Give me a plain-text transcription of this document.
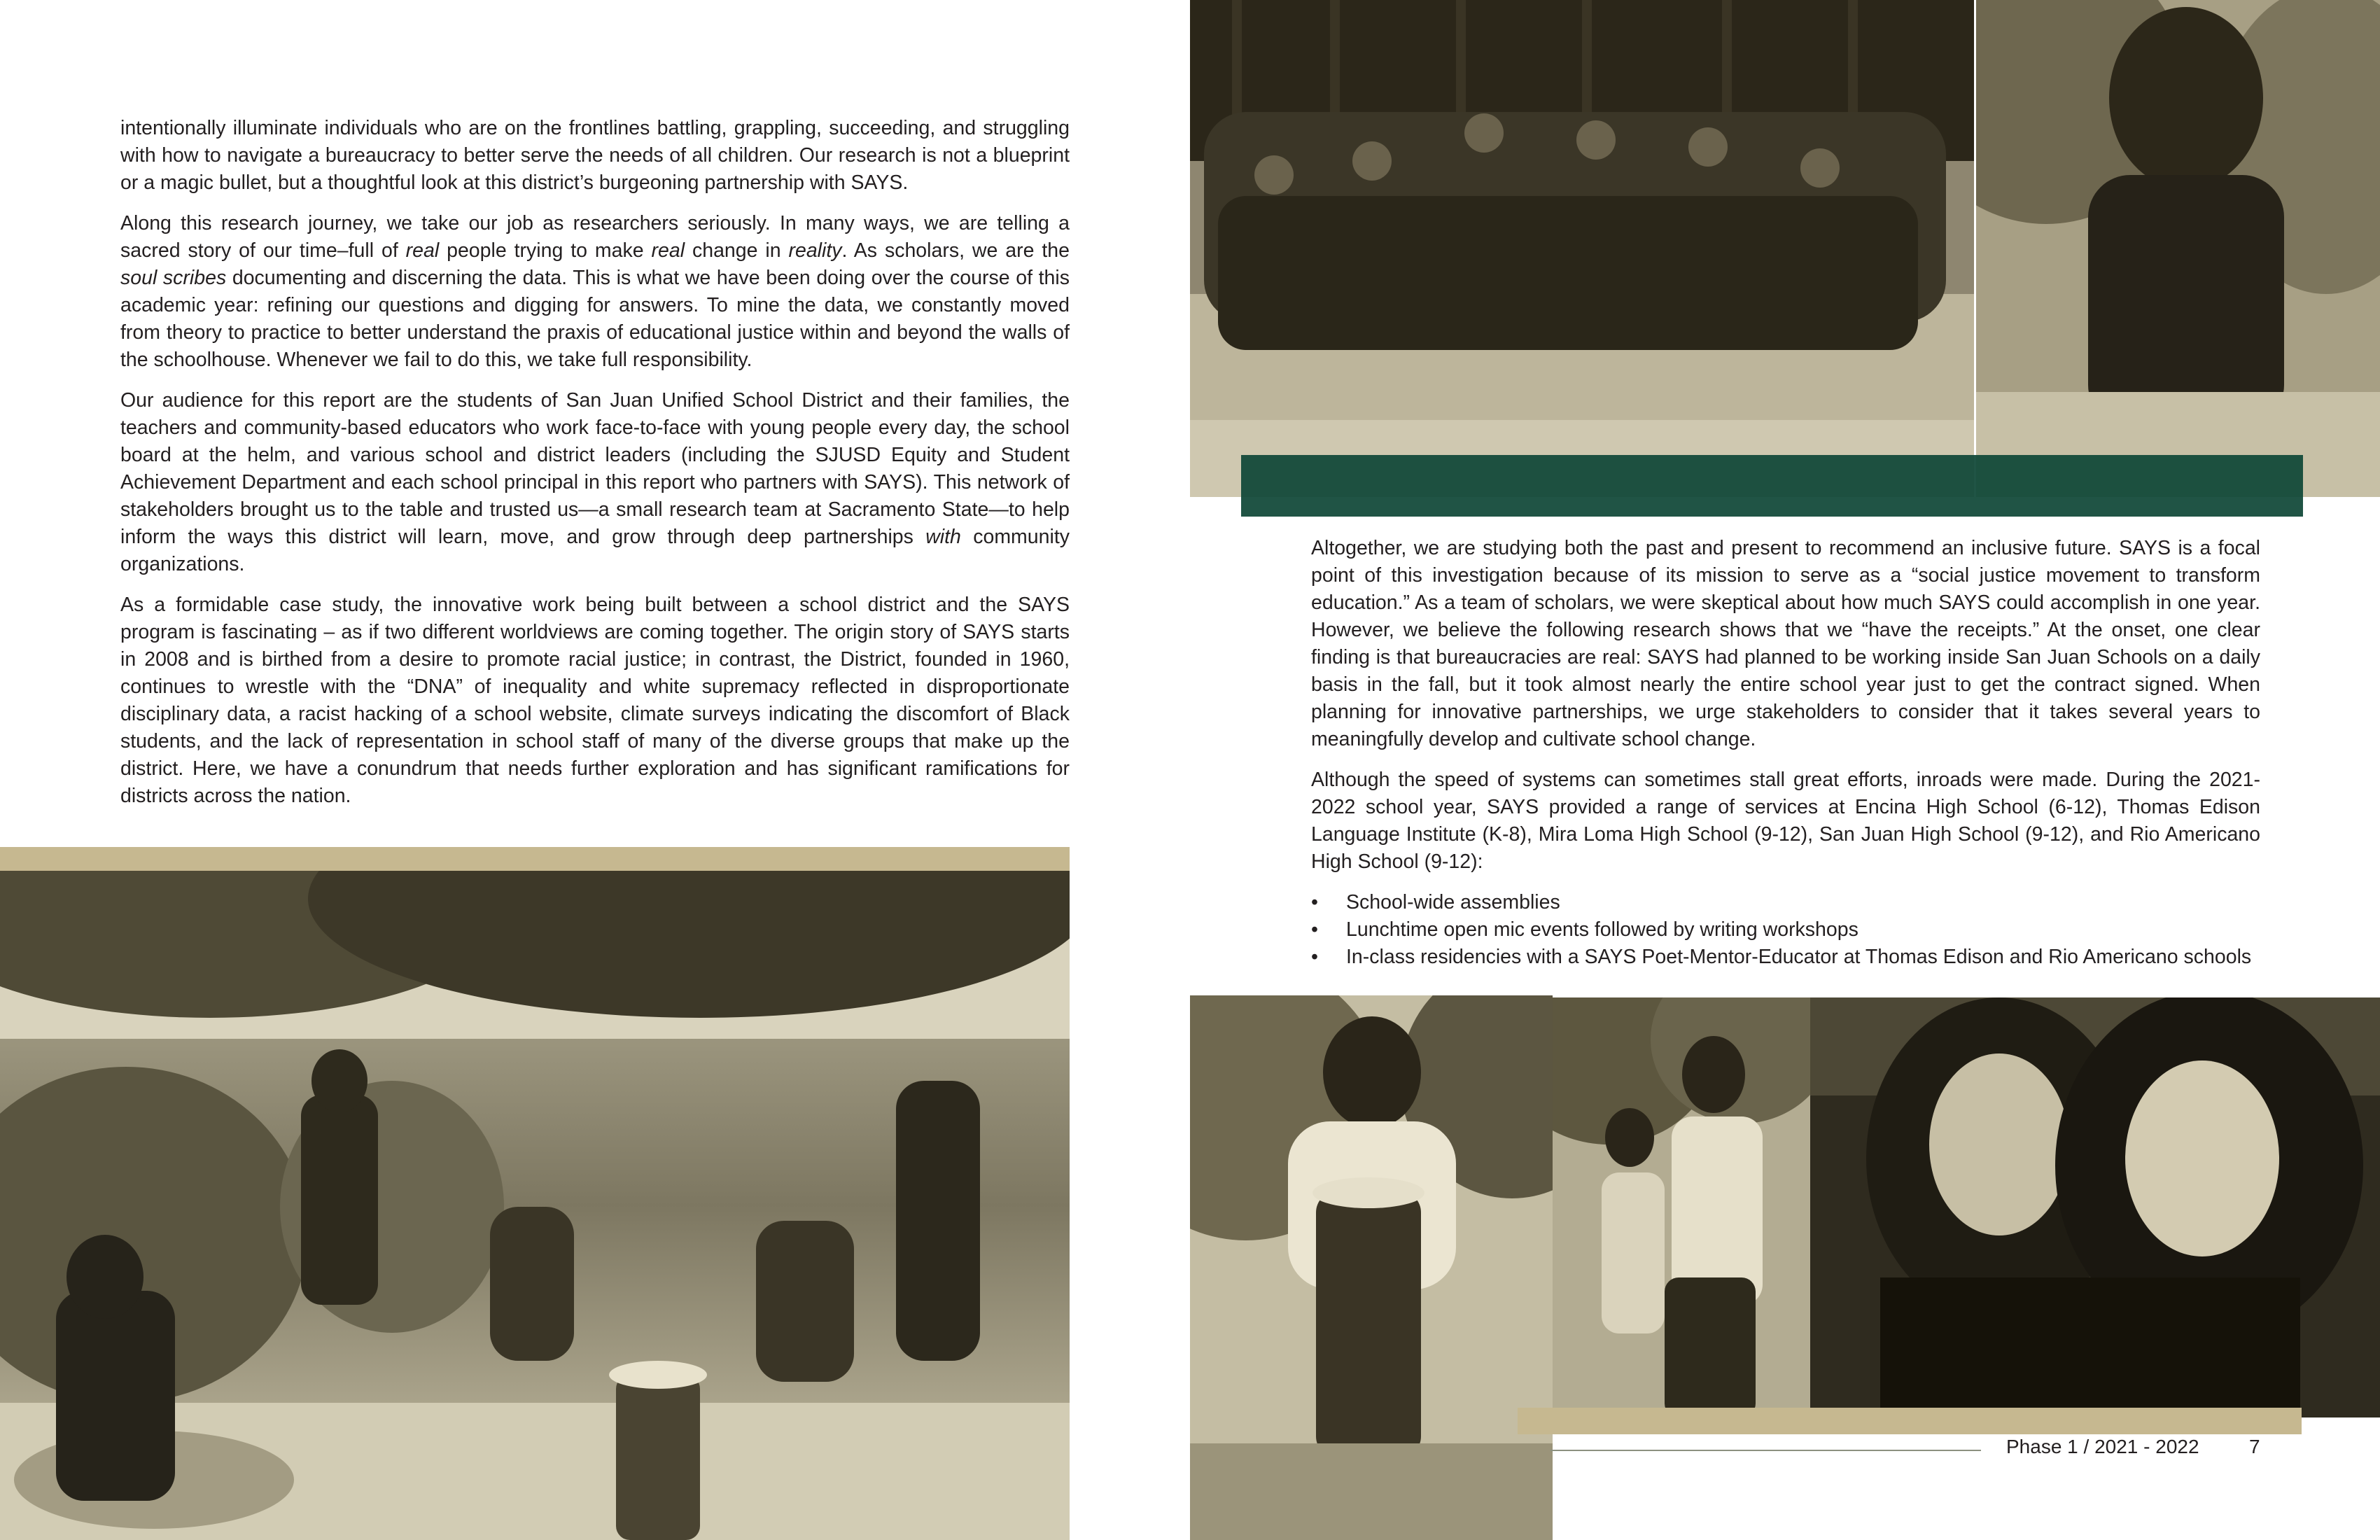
intentionally illuminate individuals who are on the frontlines battling, grappling, succeeding, and struggling with how to navigate a bureaucracy to better serve the needs of all children. Our research is not a blueprint or a magic bullet, but a thoughtful look at this district’s burgeoning partnership with SAYS.

Along this research journey, we take our job as researchers seriously. In many ways, we are telling a sacred story of our time–full of real people trying to make real change in reality. As scholars, we are the soul scribes documenting and discerning the data. This is what we have been doing over the course of this academic year: refining our questions and digging for answers. To mine the data, we constantly moved from theory to practice to better understand the praxis of educational justice within and beyond the walls of the schoolhouse. Whenever we fail to do this, we take full responsibility.

Our audience for this report are the students of San Juan Unified School District and their families, the teachers and community-based educators who work face-to-face with young people every day, the school board at the helm, and various school and district leaders (including the SJUSD Equity and Student Achievement Department and each school principal in this report who partners with SAYS). This network of stakeholders brought us to the table and trusted us—a small research team at Sacramento State—to help inform the ways this district will learn, move, and grow through deep partnerships with community organizations.

As a formidable case study, the innovative work being built between a school district and the SAYS program is fascinating – as if two different worldviews are coming together. The origin story of SAYS starts in 2008 and is birthed from a desire to promote racial justice; in contrast, the District, founded in 1960, continues to wrestle with the “DNA” of inequality and white supremacy reflected in disproportionate disciplinary data, a racist hacking of a school website, climate surveys indicating the discomfort of Black students, and the lack of representation in school staff of many of the diverse groups that make up the district. Here, we have a conundrum that needs further exploration and has significant ramifications for districts across the nation.

Altogether, we are studying both the past and present to recommend an inclusive future. SAYS is a focal point of this investigation because of its mission to serve as a “social justice movement to transform education.” As a team of scholars, we were skeptical about how much SAYS could accomplish in one year. However, we believe the following research shows that we “have the receipts.” At the onset, one clear finding is that bureaucracies are real: SAYS had planned to be working inside San Juan Schools on a daily basis in the fall, but it took almost nearly the entire school year just to get the contract signed. When planning for innovative partnerships, we urge stakeholders to consider that it takes several years to meaningfully develop and cultivate school change.

Although the speed of systems can sometimes stall great efforts, inroads were made. During the 2021-2022 school year, SAYS provided a range of services at Encina High School (6-12), Thomas Edison Language Institute (K-8), Mira Loma High School (9-12), San Juan High School (9-12), and Rio Americano High School (9-12):

• School-wide assemblies
• Lunchtime open mic events followed by writing workshops
• In-class residencies with a SAYS Poet-Mentor-Educator at Thomas Edison and Rio Americano schools
Phase 1 / 2021 - 2022	7
